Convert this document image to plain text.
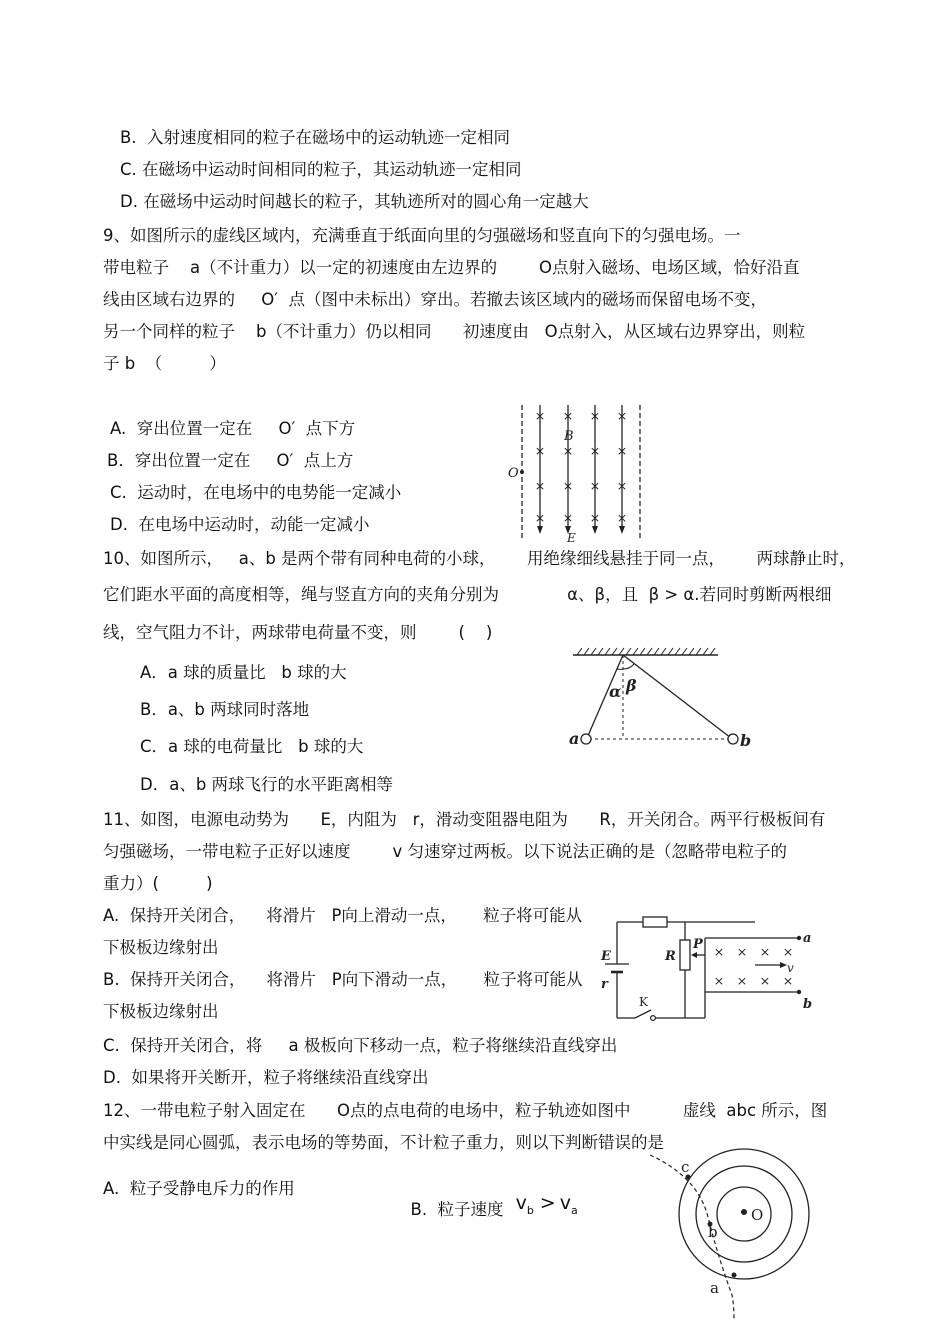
B.  入射速度相同的粒子在磁场中的运动轨迹一定相同
C. 在磁场中运动时间相同的粒子，其运动轨迹一定相同
D. 在磁场中运动时间越长的粒子，其轨迹所对的圆心角一定越大
9、如图所示的虚线区域内，充满垂直于纸面向里的匀强磁场和竖直向下的匀强电场。一
带电粒子    a（不计重力）以一定的初速度由左边界的        O点射入磁场、电场区域，恰好沿直
线由区域右边界的     O′  点（图中未标出）穿出。若撤去该区域内的磁场而保留电场不变，
另一个同样的粒子    b（不计重力）仍以相同      初速度由   O点射入，从区域右边界穿出，则粒
子 b  （         ）
A.  穿出位置一定在     O′  点下方
B．穿出位置一定在     O′  点上方
C.  运动时，在电场中的电势能一定减小
D.  在电场中运动时，动能一定减小
× × × ×
× × × ×
× × × ×
× × × ×
B
O
E
10、如图所示，   a、b 是两个带有同种电荷的小球，      用绝缘细线悬挂于同一点，      两球静止时，
它们距水平面的高度相等，绳与竖直方向的夹角分别为             α、β，且  β > α.若同时剪断两根细
线，空气阻力不计，两球带电荷量不变，则        (    )
A．a 球的质量比   b 球的大
B．a、b 两球同时落地
C．a 球的电荷量比   b 球的大
D．a、b 两球飞行的水平距离相等
α β
a	b
11、如图，电源电动势为      E，内阻为   r，滑动变阻器电阻为      R，开关闭合。两平行极板间有
匀强磁场，一带电粒子正好以速度        v 匀速穿过两板。以下说法正确的是（忽略带电粒子的
重力）(         )
A.  保持开关闭合，    将滑片   P向上滑动一点，     粒子将可能从
下极板边缘射出
B.  保持开关闭合，    将滑片   P向下滑动一点，     粒子将可能从
下极板边缘射出
C.  保持开关闭合，将     a 极板向下移动一点，粒子将继续沿直线穿出
D.  如果将开关断开，粒子将继续沿直线穿出
× × × ×
× × × ×
E
r
R
P
K
a
b
v
12、一带电粒子射入固定在      O点的点电荷的电场中，粒子轨迹如图中          虚线  abc 所示，图
中实线是同心圆弧，表示电场的等势面，不计粒子重力，则以下判断错误的是
A.  粒子受静电斥力的作用

B.  粒子速度 vb > va	O
c
b
a
